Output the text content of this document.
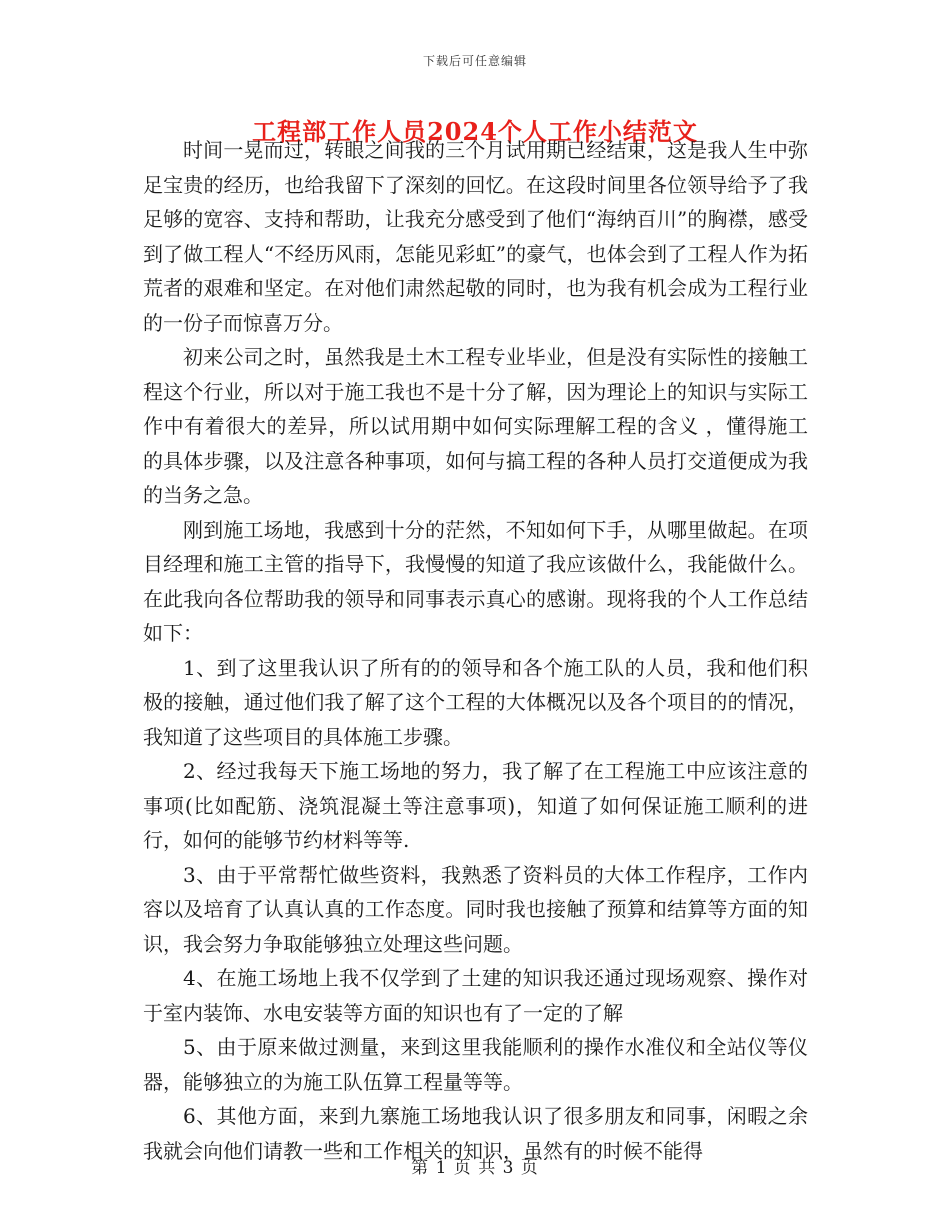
下载后可任意编辑
工程部工作人员2024个人工作小结范文

时间一晃而过，转眼之间我的三个月试用期已经结束，这是我人生中弥足宝贵的经历，也给我留下了深刻的回忆。在这段时间里各位领导给予了我足够的宽容、支持和帮助，让我充分感受到了他们“海纳百川”的胸襟，感受到了做工程人“不经历风雨，怎能见彩虹”的豪气，也体会到了工程人作为拓荒者的艰难和坚定。在对他们肃然起敬的同时，也为我有机会成为工程行业的一份子而惊喜万分。

初来公司之时，虽然我是土木工程专业毕业，但是没有实际性的接触工程这个行业，所以对于施工我也不是十分了解，因为理论上的知识与实际工作中有着很大的差异，所以试用期中如何实际理解工程的含义 ，懂得施工的具体步骤，以及注意各种事项，如何与搞工程的各种人员打交道便成为我的当务之急。

刚到施工场地，我感到十分的茫然，不知如何下手，从哪里做起。在项目经理和施工主管的指导下，我慢慢的知道了我应该做什么，我能做什么。在此我向各位帮助我的领导和同事表示真心的感谢。现将我的个人工作总结如下：

1、到了这里我认识了所有的的领导和各个施工队的人员，我和他们积极的接触，通过他们我了解了这个工程的大体概况以及各个项目的的情况，我知道了这些项目的具体施工步骤。

2、经过我每天下施工场地的努力，我了解了在工程施工中应该注意的事项(比如配筋、浇筑混凝土等注意事项)，知道了如何保证施工顺利的进行，如何的能够节约材料等等.

3、由于平常帮忙做些资料，我熟悉了资料员的大体工作程序，工作内容以及培育了认真认真的工作态度。同时我也接触了预算和结算等方面的知识，我会努力争取能够独立处理这些问题。

4、在施工场地上我不仅学到了土建的知识我还通过现场观察、操作对于室内装饰、水电安装等方面的知识也有了一定的了解

5、由于原来做过测量，来到这里我能顺利的操作水准仪和全站仪等仪器，能够独立的为施工队伍算工程量等等。

6、其他方面，来到九寨施工场地我认识了很多朋友和同事，闲暇之余我就会向他们请教一些和工作相关的知识，虽然有的时候不能得

第 1 页 共 3 页
